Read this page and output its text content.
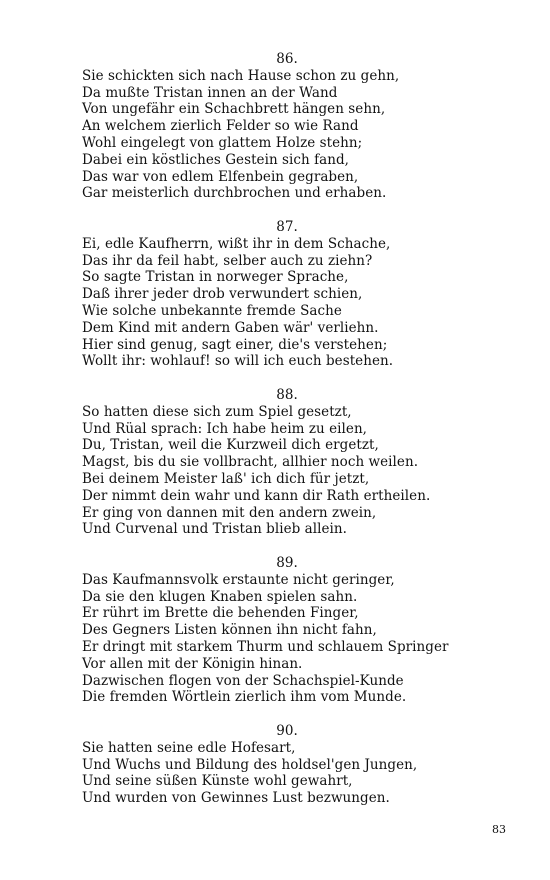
86.
Sie schickten sich nach Hause schon zu gehn,
Da mußte Tristan innen an der Wand
Von ungefähr ein Schachbrett hängen sehn,
An welchem zierlich Felder so wie Rand
Wohl eingelegt von glattem Holze stehn;
Dabei ein köstliches Gestein sich fand,
Das war von edlem Elfenbein gegraben,
Gar meisterlich durchbrochen und erhaben.
87.
Ei, edle Kaufherrn, wißt ihr in dem Schache,
Das ihr da feil habt, selber auch zu ziehn?
So sagte Tristan in norweger Sprache,
Daß ihrer jeder drob verwundert schien,
Wie solche unbekannte fremde Sache
Dem Kind mit andern Gaben wär' verliehn.
Hier sind genug, sagt einer, die's verstehen;
Wollt ihr: wohlauf! so will ich euch bestehen.
88.
So hatten diese sich zum Spiel gesetzt,
Und Rüal sprach: Ich habe heim zu eilen,
Du, Tristan, weil die Kurzweil dich ergetzt,
Magst, bis du sie vollbracht, allhier noch weilen.
Bei deinem Meister laß' ich dich für jetzt,
Der nimmt dein wahr und kann dir Rath ertheilen.
Er ging von dannen mit den andern zwein,
Und Curvenal und Tristan blieb allein.
89.
Das Kaufmannsvolk erstaunte nicht geringer,
Da sie den klugen Knaben spielen sahn.
Er rührt im Brette die behenden Finger,
Des Gegners Listen können ihn nicht fahn,
Er dringt mit starkem Thurm und schlauem Springer
Vor allen mit der Königin hinan.
Dazwischen flogen von der Schachspiel-Kunde
Die fremden Wörtlein zierlich ihm vom Munde.
90.
Sie hatten seine edle Hofesart,
Und Wuchs und Bildung des holdsel'gen Jungen,
Und seine süßen Künste wohl gewahrt,
Und wurden von Gewinnes Lust bezwungen.
83
